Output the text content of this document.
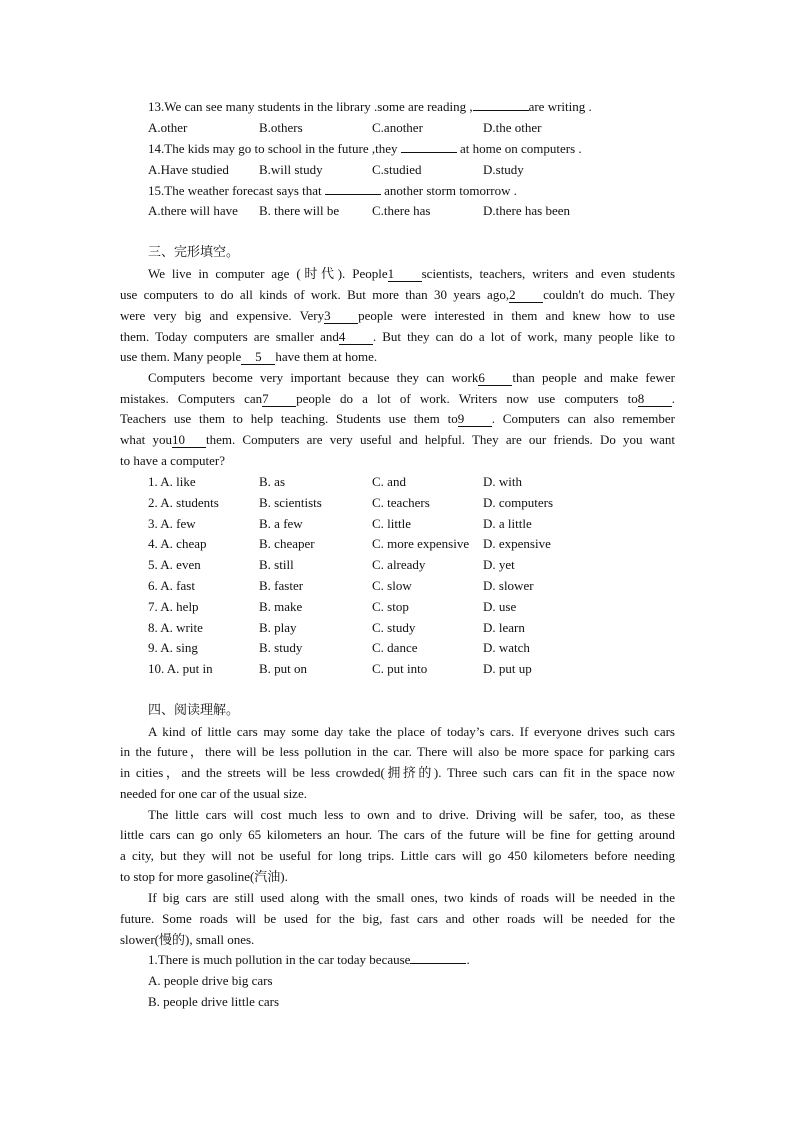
13.We can see many students in the library .some are reading ,	are writing .
A.other	B.others	C.another	D.the other
14.The kids may go to school in the future ,they	at home on computers .
A.Have studied B.will study	C.studied	D.study
15.The weather forecast says that	another storm tomorrow .
A.there will have B. there will be	C.there has	D.there has been
三、完形填空。
We live in computer age (时代). People1 scientists, teachers, writers and even students
use computers to do all kinds of work. But more than 30 years ago,2 couldn't do much. They
were very big and expensive. Very3 people were interested in them and knew how to use
them. Today computers are smaller and4 . But they can do a lot of work, many people like to
use them. Many people 5 have them at home.
Computers become very important because they can work6 than people and make fewer
mistakes. Computers can7 people do a lot of work. Writers now use computers to8 .
Teachers use them to help teaching. Students use them to9 . Computers can also remember
what you10 them. Computers are very useful and helpful. They are our friends. Do you want
to have a computer?
1. A. like	B. as	C. and	D. with
2. A. students	B. scientists	C. teachers	D. computers
3. A. few	B. a few	C. little	D. a little
4. A. cheap	B. cheaper	C. more expensive D. expensive
5. A. even	B. still	C. already	D. yet
6. A. fast	B. faster	C. slow	D. slower
7. A. help	B. make	C. stop	D. use
8. A. write	B. play	C. study	D. learn
9. A. sing	B. study	C. dance	D. watch
10. A. put in	B. put on	C. put into	D. put up
四、阅读理解。
A kind of little cars may some day take the place of today’s cars. If everyone drives such cars
in the future，there will be less pollution in the car. There will also be more space for parking cars
in cities，and the streets will be less crowded(拥挤的). Three such cars can fit in the space now
needed for one car of the usual size.
The little cars will cost much less to own and to drive. Driving will be safer, too, as these
little cars can go only 65 kilometers an hour. The cars of the future will be fine for getting around
a city, but they will not be useful for long trips. Little cars will go 450 kilometers before needing
to stop for more gasoline(汽油).
If big cars are still used along with the small ones, two kinds of roads will be needed in the
future. Some roads will be used for the big, fast cars and other roads will be needed for the
slower(慢的), small ones.
1.There is much pollution in the car today because	.
A. people drive big cars
B. people drive little cars
